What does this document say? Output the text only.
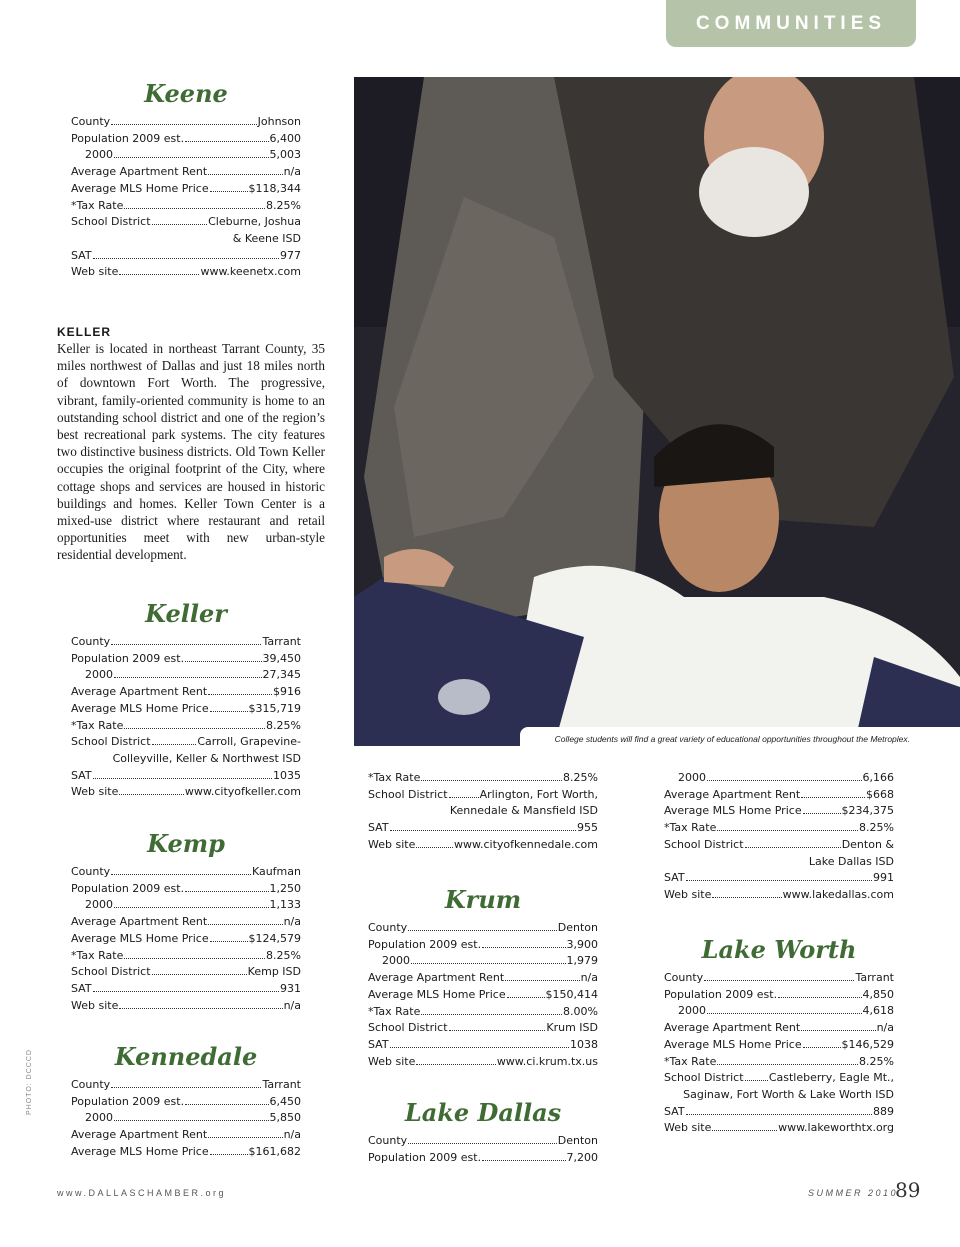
COMMUNITIES
College students will find a great variety of educational opportunities throughout the Metroplex.
Keene
County	Johnson
Population 2009 est.	6,400
2000	5,003
Average Apartment Rent	n/a
Average MLS Home Price	$118,344
*Tax Rate	8.25%
School District	Cleburne, Joshua
& Keene ISD
SAT	977
Web site	www.keenetx.com
KELLER

Keller is located in northeast Tarrant County, 35 miles northwest of Dallas and just 18 miles north of downtown Fort Worth. The progressive, vibrant, family-oriented community is home to an outstanding school district and one of the region’s best recreational park systems. The city features two distinctive business districts. Old Town Keller occupies the original footprint of the City, where cottage shops and services are housed in historic buildings and homes. Keller Town Center is a mixed-use district where restaurant and retail opportunities meet with new urban-style residential development.

Keller
County	Tarrant
Population 2009 est.	39,450
2000	27,345
Average Apartment Rent	$916
Average MLS Home Price	$315,719
*Tax Rate	8.25%
School District	Carroll, Grapevine-
Colleyville, Keller & Northwest ISD
SAT	1035
Web site	www.cityofkeller.com
Kemp
County	Kaufman
Population 2009 est.	1,250
2000	1,133
Average Apartment Rent	n/a
Average MLS Home Price	$124,579
*Tax Rate	8.25%
School District	Kemp ISD
SAT	931
Web site	n/a
Kennedale
County	Tarrant
Population 2009 est.	6,450
2000	5,850
Average Apartment Rent	n/a
Average MLS Home Price	$161,682
*Tax Rate	8.25%
School District	Arlington, Fort Worth,
Kennedale & Mansfield ISD
SAT	955
Web site	www.cityofkennedale.com
Krum
County	Denton
Population 2009 est.	3,900
2000	1,979
Average Apartment Rent	n/a
Average MLS Home Price	$150,414
*Tax Rate	8.00%
School District	Krum ISD
SAT	1038
Web site	www.ci.krum.tx.us
Lake Dallas
County	Denton
Population 2009 est.	7,200
2000	6,166
Average Apartment Rent	$668
Average MLS Home Price	$234,375
*Tax Rate	8.25%
School District	Denton &
Lake Dallas ISD
SAT	991
Web site	www.lakedallas.com
Lake Worth
County	Tarrant
Population 2009 est.	4,850
2000	4,618
Average Apartment Rent	n/a
Average MLS Home Price	$146,529
*Tax Rate	8.25%
School District Castleberry, Eagle Mt.,
Saginaw, Fort Worth & Lake Worth ISD
SAT	889
Web site	www.lakeworthtx.org
PHOTO: DCCCD
www.DALLASCHAMBER.org	SUMMER 2010
89
